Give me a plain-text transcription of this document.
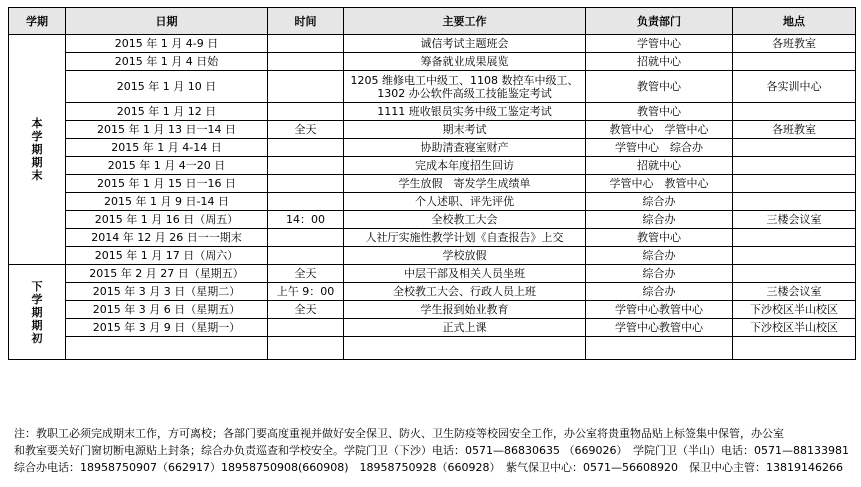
学期	日期	时间	主要工作	负责部门	地点

本
学
期
期
末	2015 年 1 月 4-9 日		诚信考试主题班会	学管中心	各班教室
	2015 年 1 月 4 日始		筹备就业成果展览	招就中心	
	2015 年 1 月 10 日		1205 维修电工中级工、1108 数控车中级工、1302 办公软件高级工技能鉴定考试	教管中心	各实训中心
	2015 年 1 月 12 日		1111 班收银员实务中级工鉴定考试	教管中心	
	2015 年 1 月 13 日一14 日	全天	期末考试	教管中心　学管中心	各班教室
	2015 年 1 月 4-14 日		协助清查寝室财产	学管中心　综合办	
	2015 年 1 月 4一20 日		完成本年度招生回访	招就中心	
	2015 年 1 月 15 日一16 日		学生放假　寄发学生成绩单	学管中心　教管中心	
	2015 年 1 月 9 日-14 日		个人述职、评先评优	综合办	
	2015 年 1 月 16 日（周五）	14：00	全校教工大会	综合办	三楼会议室
	2014 年 12 月 26 日一一期末		人社厅实施性教学计划《自查报告》上交	教管中心	
	2015 年 1 月 17 日（周六）		学校放假	综合办	

下
学
期
期
初	2015 年 2 月 27 日（星期五）	全天	中层干部及相关人员坐班	综合办	
	2015 年 3 月 3 日（星期二）	上午 9：00	全校教工大会、行政人员上班	综合办	三楼会议室
	2015 年 3 月 6 日（星期五）	全天	学生报到始业教育	学管中心教管中心	下沙校区半山校区
	2015 年 3 月 9 日（星期一）		正式上课	学管中心教管中心	下沙校区半山校区

注：教职工必须完成期末工作，方可离校；各部门要高度重视并做好安全保卫、防火、卫生防疫等校园安全工作，办公室将贵重物品贴上标签集中保管，办公室

和教室要关好门窗切断电源贴上封条；综合办负责巡查和学校安全。学院门卫（下沙）电话：0571—86830635 （669026）　学院门卫（半山）电话：0571—88133981

综合办电话：18958750907（662917）18958750908(660908)　18958750928（660928）　紫气保卫中心：0571—56608920　保卫中心主管：13819146266
